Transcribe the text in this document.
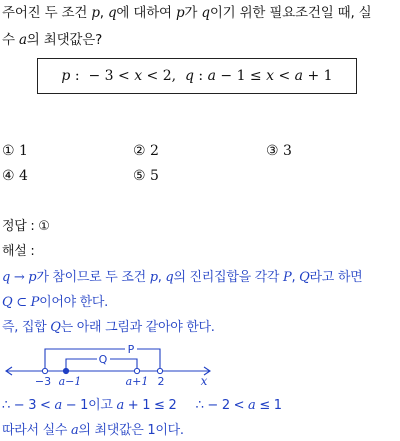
주어진 두 조건 p, q에 대하여 p가 q이기 위한 필요조건일 때, 실
수 a의 최댓값은?
p :  − 3 < x < 2, q : a − 1 ≤ x < a + 1
① 1	② 2	③ 3
④ 4	⑤ 5
정답 : ①
해설 :
q → p가 참이므로 두 조건 p, q의 진리집합을 각각 P, Q라고 하면
Q ⊂ P이어야 한다.
즉, 집합 Q는 아래 그림과 같아야 한다.
P
Q
−3 a−1	a+1 2	x
∴ − 3 < a − 1이고 a + 1 ≤ 2     ∴ − 2 < a ≤ 1
따라서 실수 a의 최댓값은 1이다.
